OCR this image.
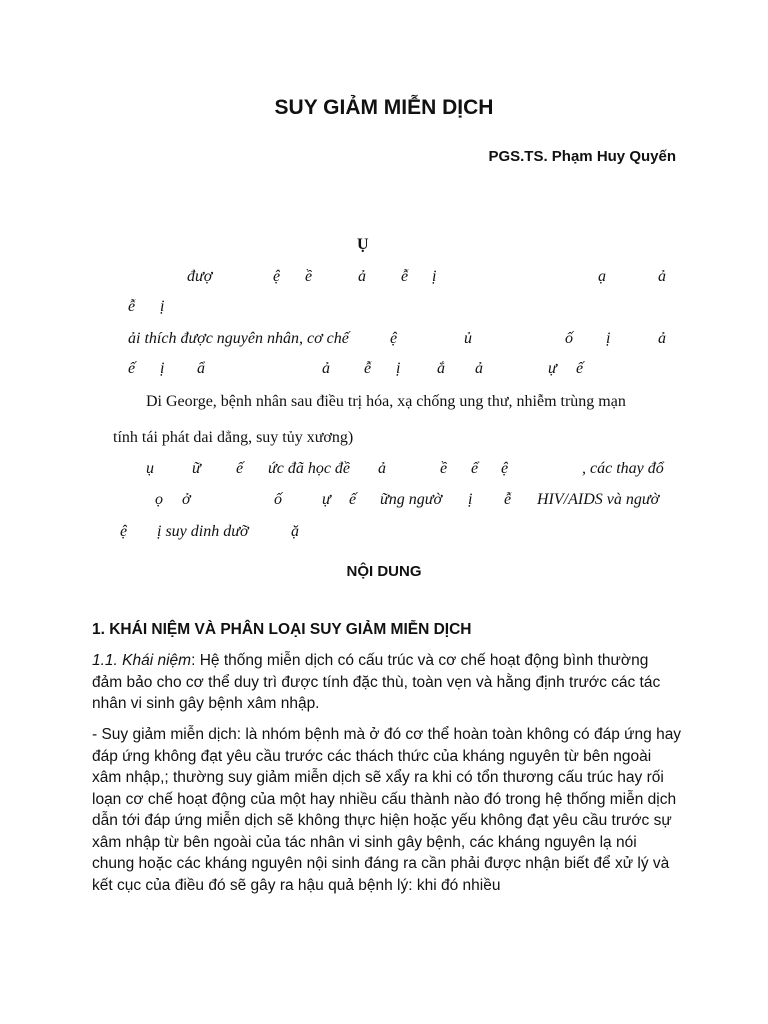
SUY GIẢM MIỄN DỊCH
PGS.TS. Phạm Huy Quyến
Ụ
đượ	ệ ề	ả ễ ị	ạ	ả
ễ ị
ải thích được nguyên nhân, cơ chế	ệ	ủ	ố ị	ả
ế ị ẩ	ả ễ ị ắ ả	ự ế
ụ ữ ế ức đã học đề ả	ề ể ệ	, các thay đổ
ọ ở	ố	ự ế ững ngườ ị ễ HIV/AIDS và ngườ
ệ ị suy dinh dưỡ	ặ
Di George, bệnh nhân sau điều trị hóa, xạ chống ung thư, nhiễm trùng mạn
tính tái phát dai dẳng, suy tủy xương)
NỘI DUNG
1. KHÁI NIỆM VÀ PHÂN LOẠI SUY GIẢM MIỄN DỊCH

1.1. Khái niệm: Hệ thống miễn dịch có cấu trúc và cơ chế hoạt động bình thường đảm bảo cho cơ thể duy trì được tính đặc thù, toàn vẹn và hằng định trước các tác nhân vi sinh gây bệnh xâm nhập.

- Suy giảm miễn dịch: là nhóm bệnh mà ở đó cơ thể hoàn toàn không có đáp ứng hay đáp ứng không đạt yêu cầu trước các thách thức của kháng nguyên từ bên ngoài xâm nhập,; thường suy giảm miễn dịch sẽ xẩy ra khi có tổn thương cấu trúc hay rối loạn cơ chế hoạt động của một hay nhiều cấu thành nào đó trong hệ thống miễn dịch dẫn tới đáp ứng miễn dịch sẽ không thực hiện hoặc yếu không đạt yêu cầu trước sự xâm nhập từ bên ngoài của tác nhân vi sinh gây bệnh, các kháng nguyên lạ nói chung hoặc các kháng nguyên nội sinh đáng ra cần phải được nhận biết để xử lý và kết cục của điều đó sẽ gây ra hậu quả bệnh lý: khi đó nhiều
